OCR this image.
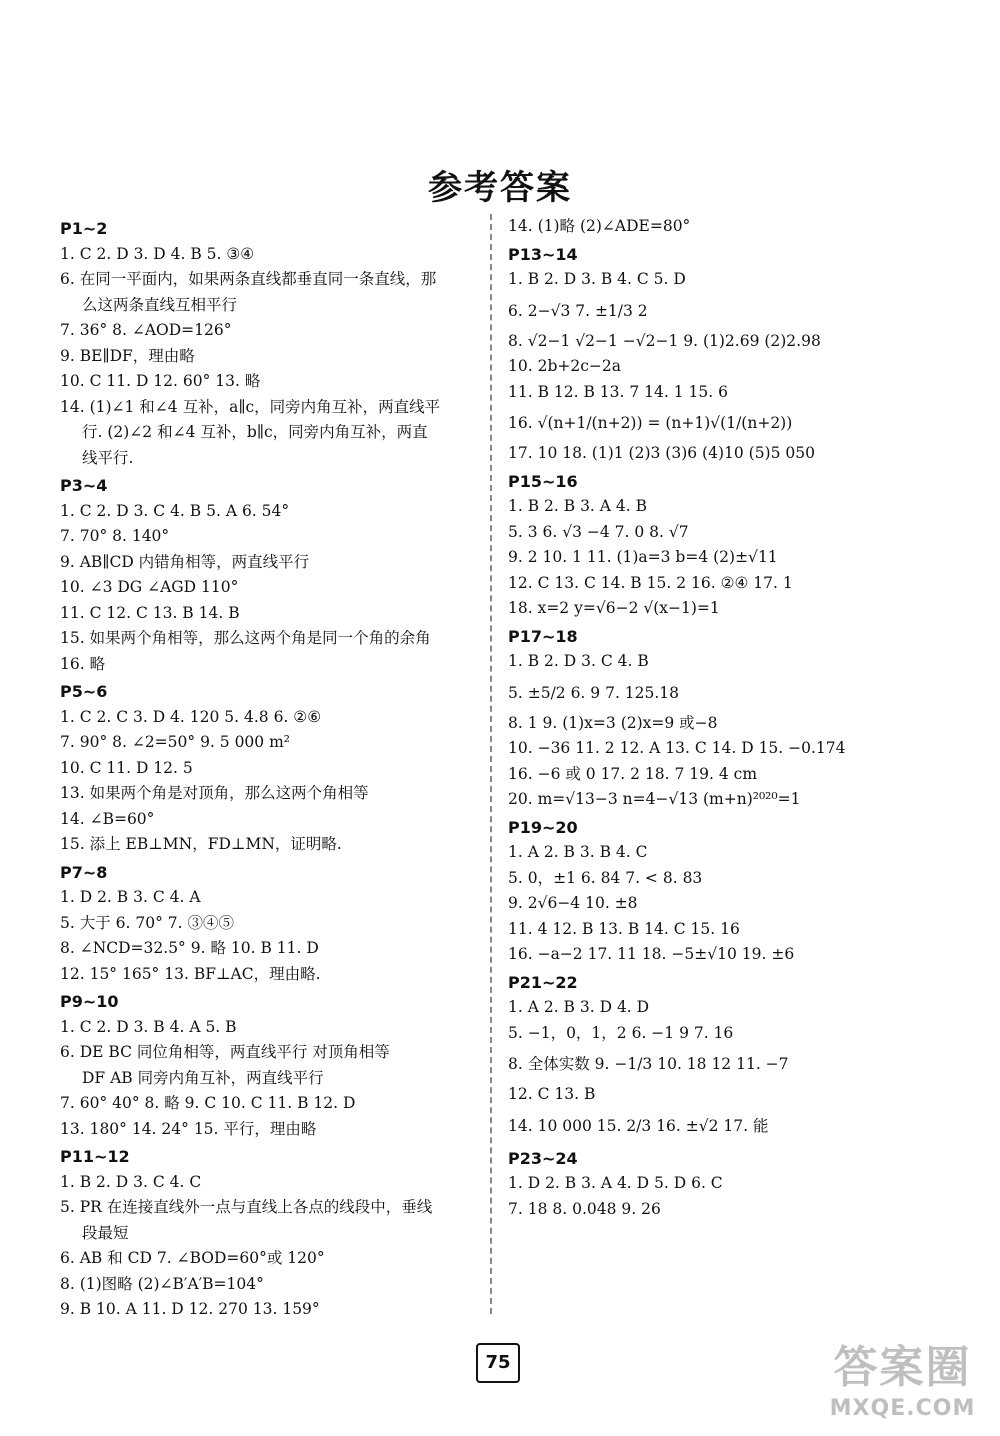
参考答案

P1~2

1. C 2. D 3. D 4. B 5. ③④

6. 在同一平面内，如果两条直线都垂直同一条直线，那

么这两条直线互相平行

7. 36° 8. ∠AOD=126°

9. BE∥DF，理由略

10. C 11. D 12. 60° 13. 略

14. (1)∠1 和∠4 互补，a∥c，同旁内角互补，两直线平

行. (2)∠2 和∠4 互补，b∥c，同旁内角互补，两直

线平行.

P3~4

1. C 2. D 3. C 4. B 5. A 6. 54°

7. 70° 8. 140°

9. AB∥CD 内错角相等，两直线平行

10. ∠3 DG ∠AGD 110°

11. C 12. C 13. B 14. B

15. 如果两个角相等，那么这两个角是同一个角的余角

16. 略

P5~6

1. C 2. C 3. D 4. 120 5. 4.8 6. ②⑥

7. 90° 8. ∠2=50° 9. 5 000 m²

10. C 11. D 12. 5

13. 如果两个角是对顶角，那么这两个角相等

14. ∠B=60°

15. 添上 EB⊥MN，FD⊥MN，证明略.

P7~8

1. D 2. B 3. C 4. A

5. 大于 6. 70° 7. ③④⑤

8. ∠NCD=32.5° 9. 略 10. B 11. D

12. 15° 165° 13. BF⊥AC，理由略.

P9~10

1. C 2. D 3. B 4. A 5. B

6. DE BC 同位角相等，两直线平行 对顶角相等

DF AB 同旁内角互补，两直线平行

7. 60° 40° 8. 略 9. C 10. C 11. B 12. D

13. 180° 14. 24° 15. 平行，理由略

P11~12

1. B 2. D 3. C 4. C

5. PR 在连接直线外一点与直线上各点的线段中，垂线

段最短

6. AB 和 CD 7. ∠BOD=60°或 120°

8. (1)图略 (2)∠B′A′B=104°

9. B 10. A 11. D 12. 270 13. 159°

14. (1)略 (2)∠ADE=80°

P13~14

1. B 2. D 3. B 4. C 5. D

6. 2−√3 7. ±1/3 2

8. √2−1 √2−1 −√2−1 9. (1)2.69 (2)2.98

10. 2b+2c−2a

11. B 12. B 13. 7 14. 1 15. 6

16. √(n+1/(n+2)) = (n+1)√(1/(n+2))

17. 10 18. (1)1 (2)3 (3)6 (4)10 (5)5 050

P15~16

1. B 2. B 3. A 4. B

5. 3 6. √3 −4 7. 0 8. √7

9. 2 10. 1 11. (1)a=3 b=4 (2)±√11

12. C 13. C 14. B 15. 2 16. ②④ 17. 1

18. x=2 y=√6−2 √(x−1)=1

P17~18

1. B 2. D 3. C 4. B

5. ±5/2 6. 9 7. 125.18

8. 1 9. (1)x=3 (2)x=9 或−8

10. −36 11. 2 12. A 13. C 14. D 15. −0.174

16. −6 或 0 17. 2 18. 7 19. 4 cm

20. m=√13−3 n=4−√13 (m+n)²⁰²⁰=1

P19~20

1. A 2. B 3. B 4. C

5. 0，±1 6. 84 7. < 8. 83

9. 2√6−4 10. ±8

11. 4 12. B 13. B 14. C 15. 16

16. −a−2 17. 11 18. −5±√10 19. ±6

P21~22

1. A 2. B 3. D 4. D

5. −1，0，1，2 6. −1 9 7. 16

8. 全体实数 9. −1/3 10. 18 12 11. −7

12. C 13. B

14. 10 000 15. 2/3 16. ±√2 17. 能

P23~24

1. D 2. B 3. A 4. D 5. D 6. C

7. 18 8. 0.048 9. 26

75	答案圈
MXQE.COM
